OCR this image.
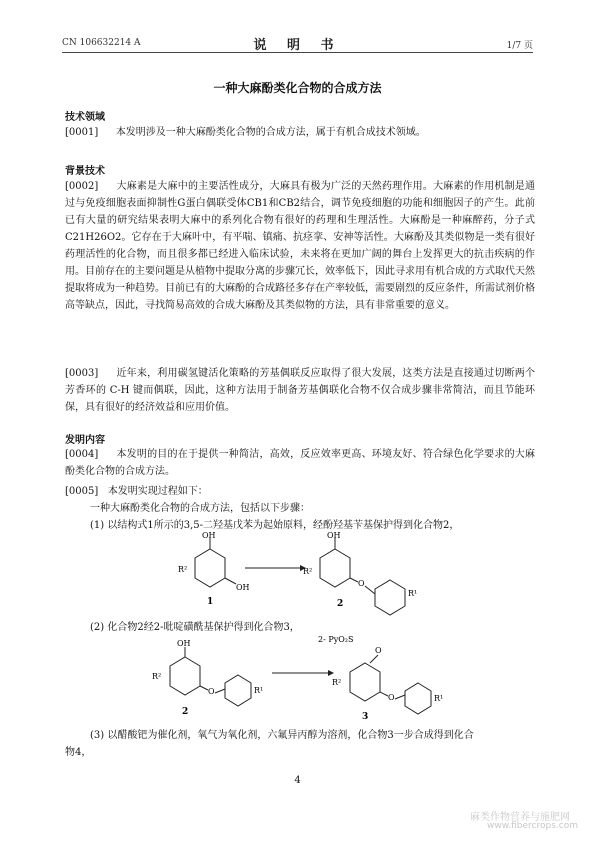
CN 106632214 A	说 明 书	1/7 页
一种大麻酚类化合物的合成方法
技术领域
[0001] 本发明涉及一种大麻酚类化合物的合成方法，属于有机合成技术领域。
背景技术
[0002] 大麻素是大麻中的主要活性成分，大麻具有极为广泛的天然药理作用。大麻素的作用机制是通过与免疫细胞表面抑制性G蛋白偶联受体CB1和CB2结合，调节免疫细胞的功能和细胞因子的产生。此前已有大量的研究结果表明大麻中的系列化合物有很好的药理和生理活性。大麻酚是一种麻醉药，分子式 C21H26O2。它存在于大麻叶中，有平喘、镇痛、抗痉挛、安神等活性。大麻酚及其类似物是一类有很好药理活性的化合物，而且很多都已经进入临床试验，未来将在更加广阔的舞台上发挥更大的抗击疾病的作用。目前存在的主要问题是从植物中提取分离的步骤冗长，效率低下，因此寻求用有机合成的方式取代天然提取将成为一种趋势。目前已有的大麻酚的合成路径多存在产率较低，需要剧烈的反应条件，所需试剂价格高等缺点，因此，寻找简易高效的合成大麻酚及其类似物的方法，具有非常重要的意义。
[0003] 近年来，利用碳氢键活化策略的芳基偶联反应取得了很大发展，这类方法是直接通过切断两个芳香环的 C-H 键而偶联，因此，这种方法用于制备芳基偶联化合物不仅合成步骤非常简洁，而且节能环保，具有很好的经济效益和应用价值。
发明内容
[0004] 本发明的目的在于提供一种简洁，高效，反应效率更高、环境友好、符合绿色化学要求的大麻酚类化合物的合成方法。
[0005] 本发明实现过程如下：
一种大麻酚类化合物的合成方法，包括以下步骤：
(1) 以结构式1所示的3,5-二羟基戊苯为起始原料，经酚羟基苄基保护得到化合物2，
OH
OH
R²
1
OH
R²
O
R¹
2
(2) 化合物2经2-吡啶磺酰基保护得到化合物3，
OH
R²
O	R¹
2
2- PyO₂S
O
R²
O	R¹
3
(3) 以醋酸钯为催化剂，氧气为氧化剂，六氟异丙醇为溶剂，化合物3一步合成得到化合
物4，
4
麻类作物营养与施肥网
www.fibercrops.com
